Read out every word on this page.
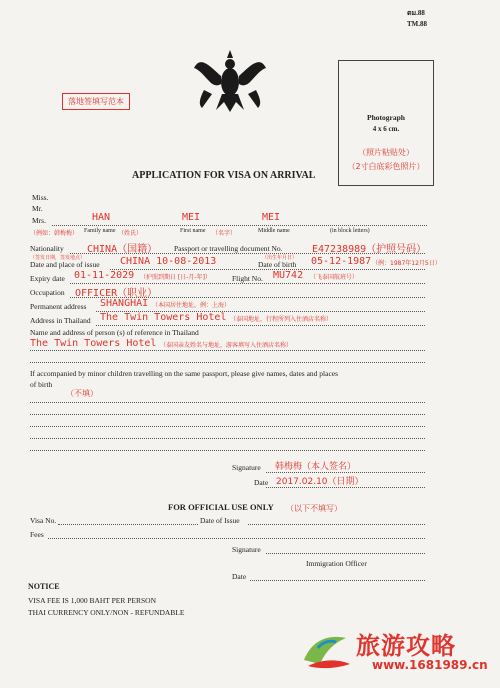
ตม.88
TM.88
落地签填写范本
Photograph
4 x 6 cm.
（照片粘贴处）
（2寸白底彩色照片）
APPLICATION FOR VISA ON ARRIVAL
Miss.
Mr.
Mrs.	HAN	MEI	MEI
（例如：韩梅梅） Family name （姓氏）	First name （名字）	Middle name	(in block letters)
Nationality CHINA（国籍） Passport or travelling document No.	E47238989（护照号码）
（签发日期，签发地点）	（出生年月日）
Date and place of issue CHINA 10-08-2013	Date of birth 05-12-1987 （例：1987年12月5日）
Expiry date 01-11-2029 （护照到期日 [日-月-年]）	Flight No. MU742 （飞泰国航班号）
Occupation OFFICER（职业）
Permanent address SHANGHAI （本国居住地址，例：上海）
Address in Thailand The Twin Towers Hotel （泰国地址，行程所列入住酒店名称）
Name and address of person (s) of reference in Thailand
The Twin Towers Hotel （泰国亲友姓名与地址，游客填写入住酒店名称）
If accompanied by minor children travelling on the same passport, please give names, dates and places
of birth
（不填）
Signature 韩梅梅（本人签名）
Date 2017.02.10（日期）
FOR OFFICIAL USE ONLY （以下不填写）
Visa No.	Date of Issue
Fees
Signature
Immigration Officer
Date
NOTICE
VISA FEE IS 1,000 BAHT PER PERSON
THAI CURRENCY ONLY/NON - REFUNDABLE
旅游攻略
www.1681989.cn
